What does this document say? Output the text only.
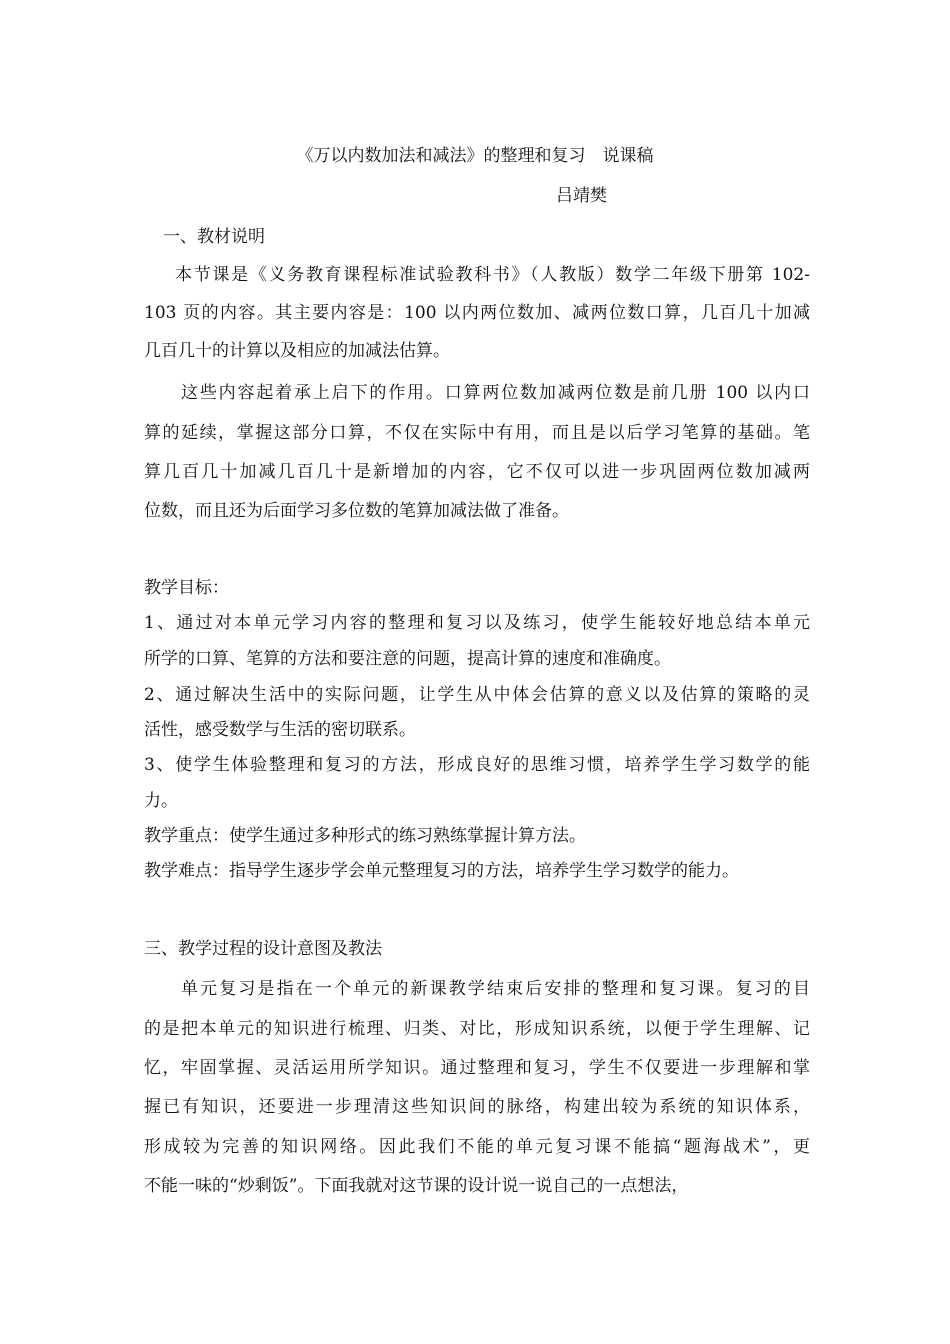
《万以内数加法和减法》的整理和复习　说课稿
吕靖樊
一、教材说明
本节课是《义务教育课程标准试验教科书》（人教版）数学二年级下册第 102-
103 页的内容。其主要内容是：100 以内两位数加、减两位数口算，几百几十加减
几百几十的计算以及相应的加减法估算。
这些内容起着承上启下的作用。口算两位数加减两位数是前几册 100 以内口
算的延续，掌握这部分口算，不仅在实际中有用，而且是以后学习笔算的基础。笔
算几百几十加减几百几十是新增加的内容，它不仅可以进一步巩固两位数加减两
位数，而且还为后面学习多位数的笔算加减法做了准备。
教学目标：
1、通过对本单元学习内容的整理和复习以及练习，使学生能较好地总结本单元
所学的口算、笔算的方法和要注意的问题，提高计算的速度和准确度。
2、通过解决生活中的实际问题，让学生从中体会估算的意义以及估算的策略的灵
活性，感受数学与生活的密切联系。
3、使学生体验整理和复习的方法，形成良好的思维习惯，培养学生学习数学的能
力。
教学重点：使学生通过多种形式的练习熟练掌握计算方法。
教学难点：指导学生逐步学会单元整理复习的方法，培养学生学习数学的能力。
三、教学过程的设计意图及教法
单元复习是指在一个单元的新课教学结束后安排的整理和复习课。复习的目
的是把本单元的知识进行梳理、归类、对比，形成知识系统，以便于学生理解、记
忆，牢固掌握、灵活运用所学知识。通过整理和复习，学生不仅要进一步理解和掌
握已有知识，还要进一步理清这些知识间的脉络，构建出较为系统的知识体系，
形成较为完善的知识网络。因此我们不能的单元复习课不能搞“题海战术”，更
不能一味的“炒剩饭”。下面我就对这节课的设计说一说自己的一点想法，
